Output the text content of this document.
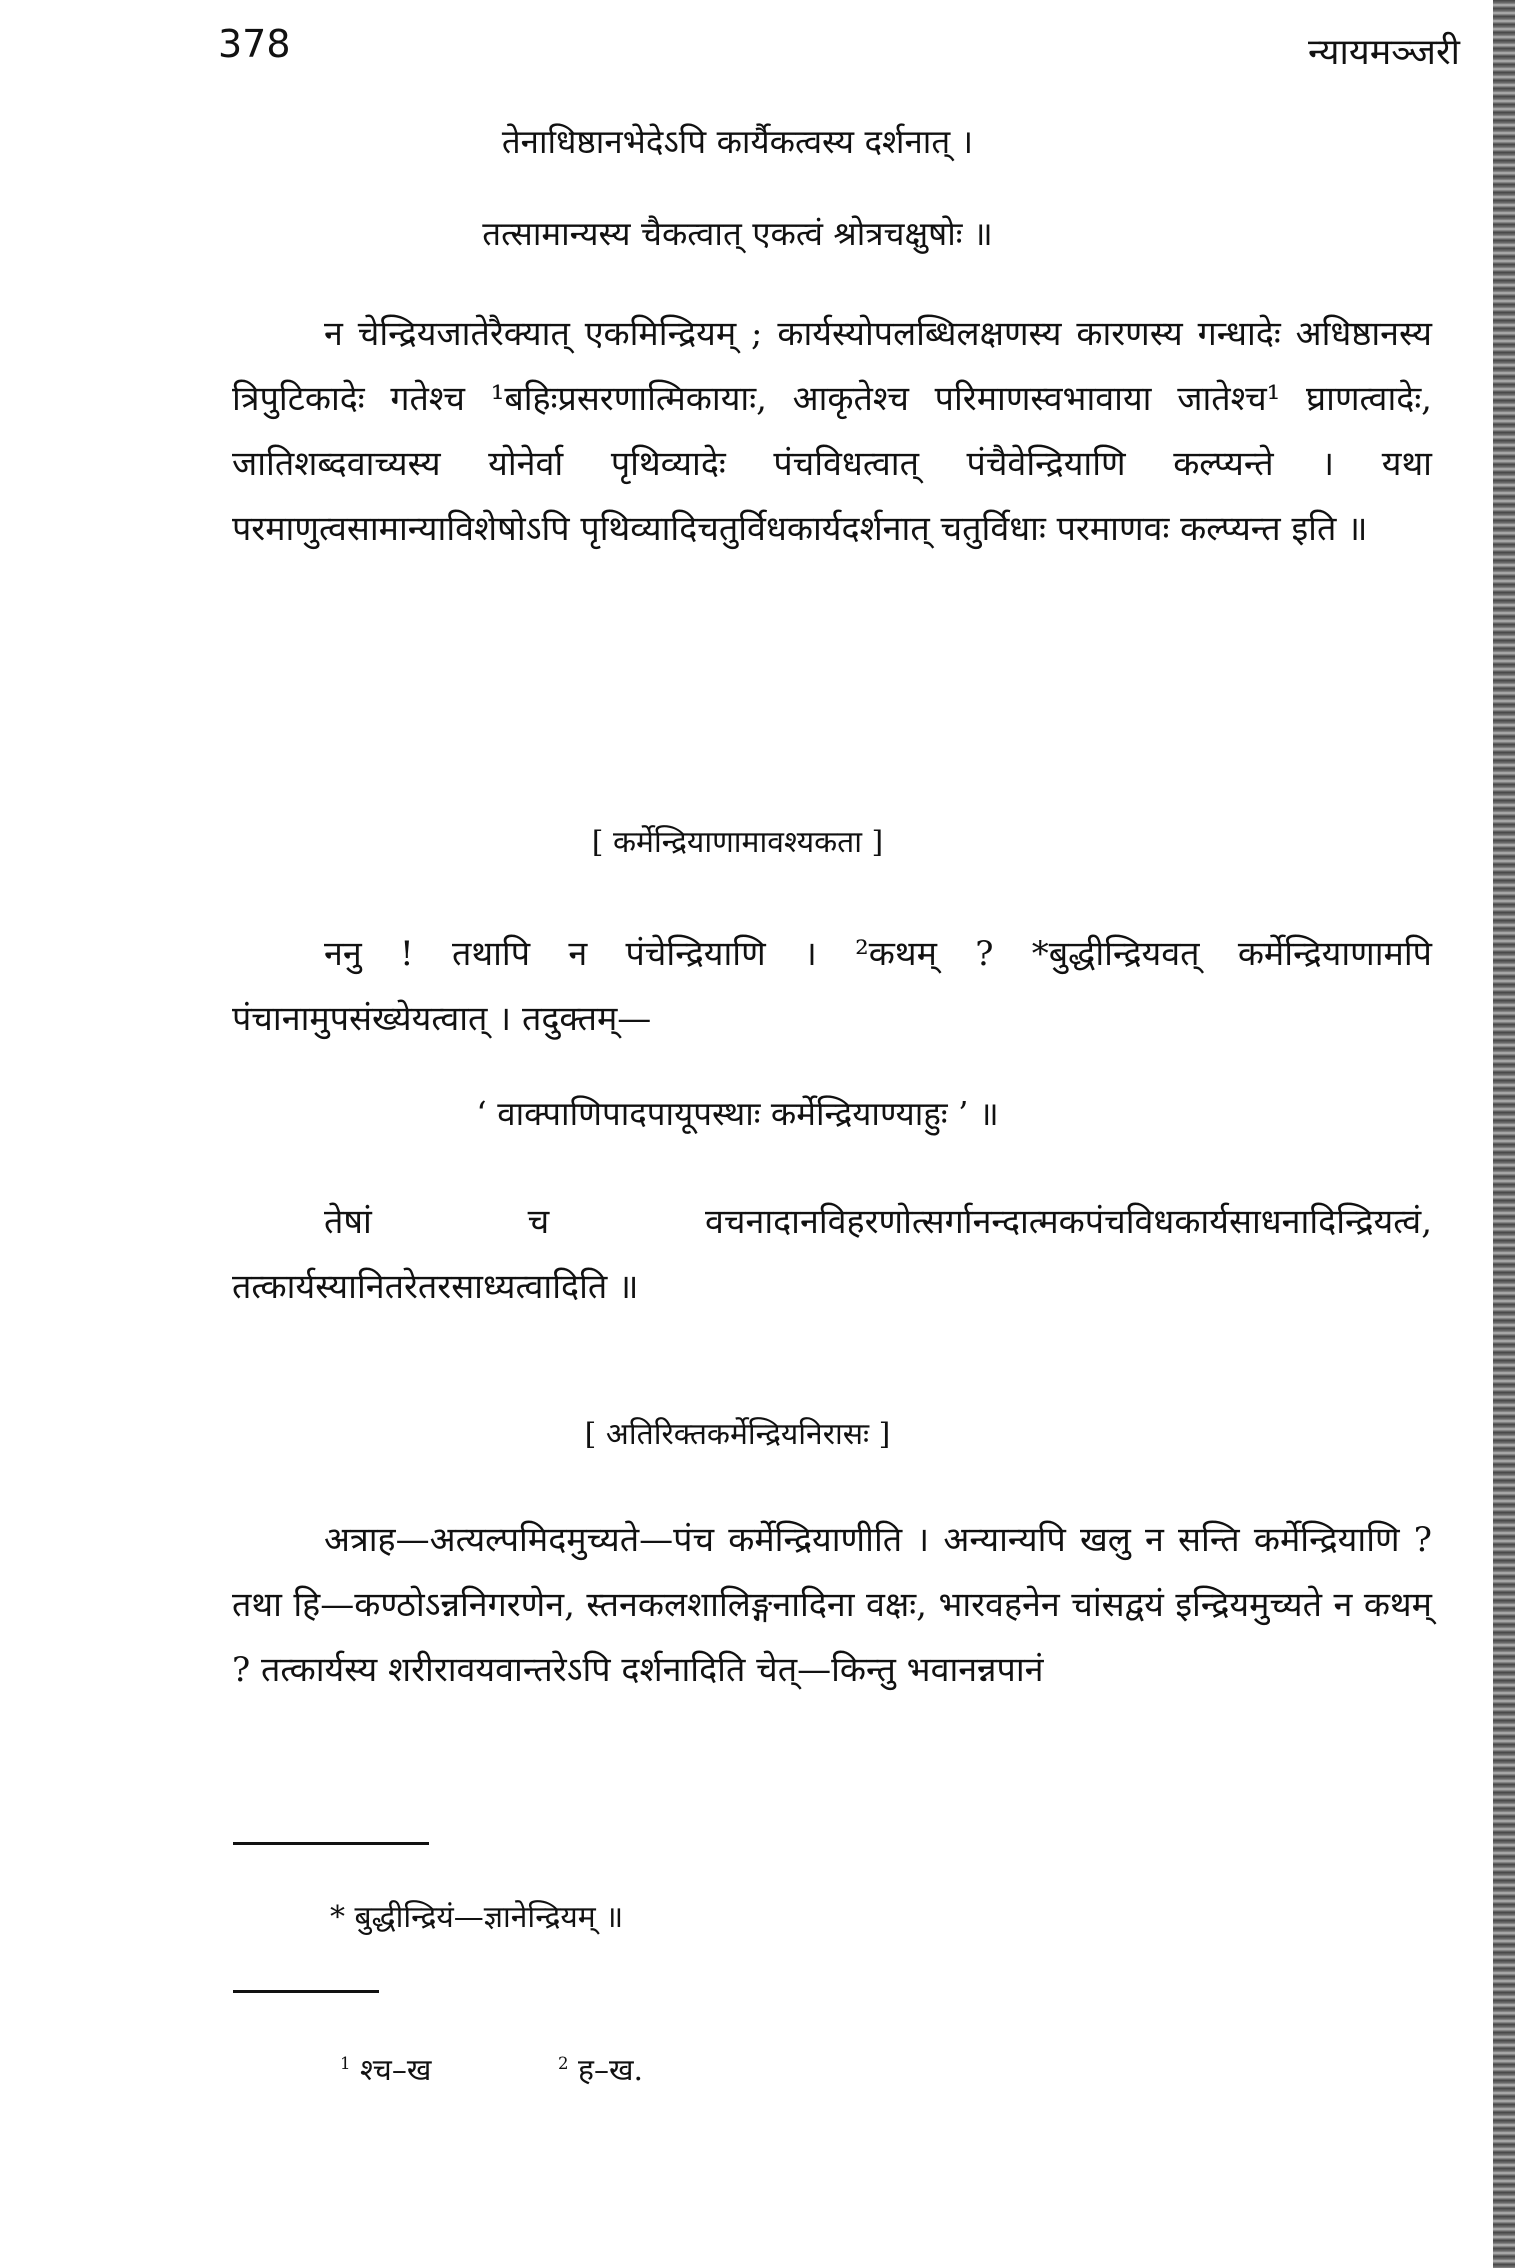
378	न्यायमञ्जरी
तेनाधिष्ठानभेदेऽपि कार्यैकत्वस्य दर्शनात् ।
तत्सामान्यस्य चैकत्वात् एकत्वं श्रोत्रचक्षुषोः ॥
न चेन्द्रियजातेरैक्यात् एकमिन्द्रियम् ; कार्यस्योपलब्धिलक्षणस्य कारणस्य गन्धादेः अधिष्ठानस्य त्रिपुटिकादेः गतेश्च ¹बहिःप्रसरणात्मिकायाः, आकृतेश्च परिमाणस्वभावाया जातेश्च¹ घ्राणत्वादेः, जातिशब्दवाच्यस्य योनेर्वा पृथिव्यादेः पंचविधत्वात् पंचैवेन्द्रियाणि कल्प्यन्ते । यथा परमाणुत्वसामान्याविशेषोऽपि पृथिव्यादिचतुर्विधकार्यदर्शनात् चतुर्विधाः परमाणवः कल्प्यन्त इति ॥
[ कर्मेन्द्रियाणामावश्यकता ]
ननु ! तथापि न पंचेन्द्रियाणि । ²कथम् ? *बुद्धीन्द्रियवत् कर्मेन्द्रियाणामपि पंचानामुपसंख्येयत्वात् । तदुक्तम्—
‘ वाक्पाणिपादपायूपस्थाः कर्मेन्द्रियाण्याहुः ’ ॥
तेषां च वचनादानविहरणोत्सर्गानन्दात्मकपंचविधकार्यसाधनादिन्द्रियत्वं, तत्कार्यस्यानितरेतरसाध्यत्वादिति ॥
[ अतिरिक्तकर्मेन्द्रियनिरासः ]
अत्राह—अत्यल्पमिदमुच्यते—पंच कर्मेन्द्रियाणीति । अन्यान्यपि खलु न सन्ति कर्मेन्द्रियाणि ? तथा हि—कण्ठोऽन्ननिगरणेन, स्तनकलशालिङ्गनादिना वक्षः, भारवहनेन चांसद्वयं इन्द्रियमुच्यते न कथम् ? तत्कार्यस्य शरीरावयवान्तरेऽपि दर्शनादिति चेत्—किन्तु भवानन्नपानं
* बुद्धीन्द्रियं—ज्ञानेन्द्रियम् ॥
$^1$ श्च–ख	$^2$ ह–ख.
